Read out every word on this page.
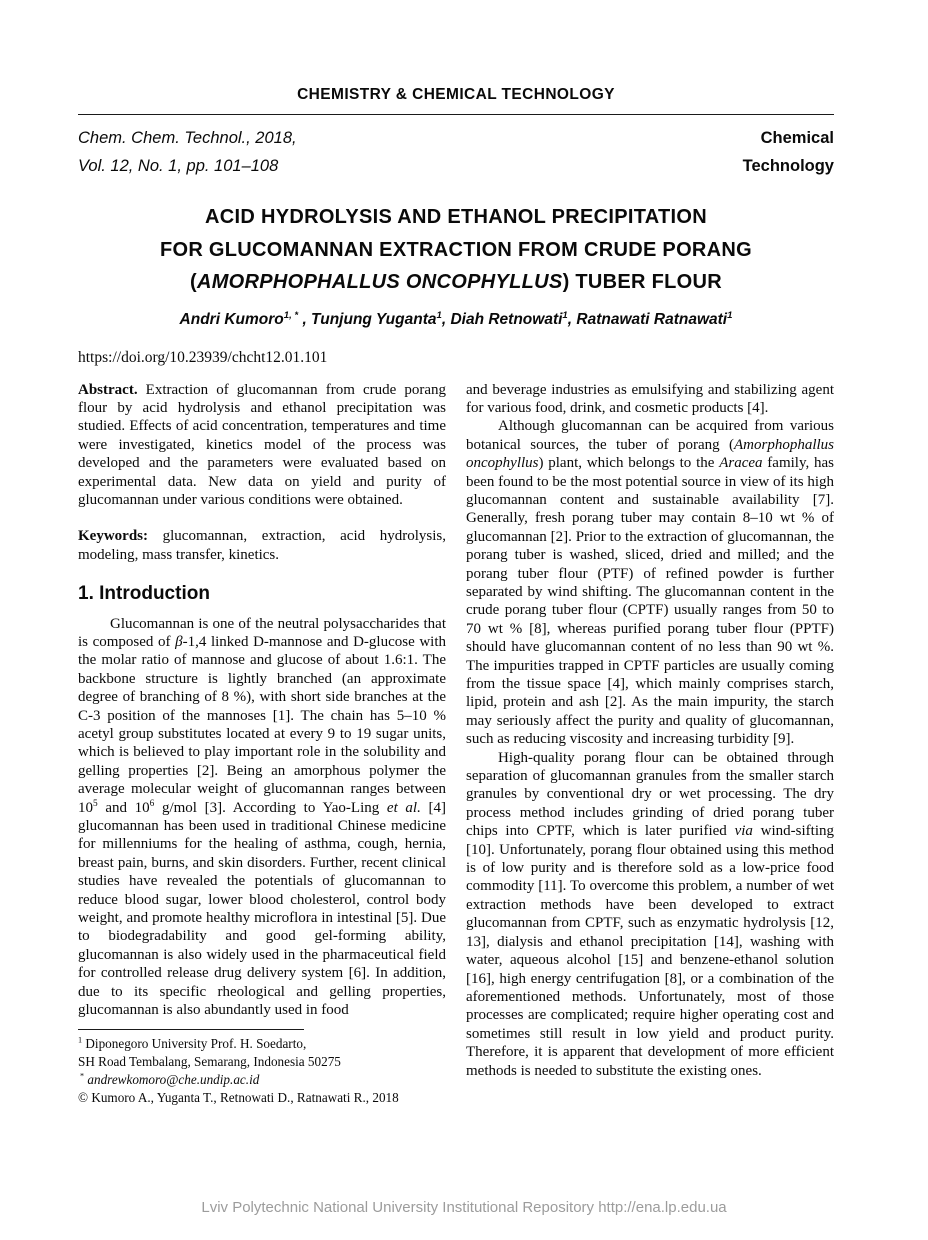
CHEMISTRY & CHEMICAL TECHNOLOGY
Chem. Chem. Technol., 2018,
Vol. 12, No. 1, pp. 101–108
Chemical
Technology
ACID HYDROLYSIS AND ETHANOL PRECIPITATION
FOR GLUCOMANNAN EXTRACTION FROM CRUDE PORANG
(AMORPHOPHALLUS ONCOPHYLLUS) TUBER FLOUR
Andri Kumoro$^{1, *}$ , Tunjung Yuganta$^1$, Diah Retnowati$^1$, Ratnawati Ratnawati$^1$
https://doi.org/10.23939/chcht12.01.101

Abstract. Extraction of glucomannan from crude porang flour by acid hydrolysis and ethanol precipitation was studied. Effects of acid concentration, temperatures and time were investigated, kinetics model of the process was developed and the parameters were evaluated based on experimental data. New data on yield and purity of glucomannan under various conditions were obtained.

Keywords: glucomannan, extraction, acid hydrolysis, modeling, mass transfer, kinetics.

1. Introduction

Glucomannan is one of the neutral polysaccharides that is composed of β-1,4 linked D-mannose and D-glucose with the molar ratio of mannose and glucose of about 1.6:1. The backbone structure is lightly branched (an approximate degree of branching of 8 %), with short side branches at the C-3 position of the mannoses [1]. The chain has 5–10 % acetyl group substitutes located at every 9 to 19 sugar units, which is believed to play important role in the solubility and gelling properties [2]. Being an amorphous polymer the average molecular weight of glucomannan ranges between $10^5$ and $10^6$ g/mol [3]. According to Yao-Ling et al. [4] glucomannan has been used in traditional Chinese medicine for millenniums for the healing of asthma, cough, hernia, breast pain, burns, and skin disorders. Further, recent clinical studies have revealed the potentials of glucomannan to reduce blood sugar, lower blood cholesterol, control body weight, and promote healthy microflora in intestinal [5]. Due to biodegradability and good gel-forming ability, glucomannan is also widely used in the pharmaceutical field for controlled release drug delivery system [6]. In addition, due to its specific rheological and gelling properties, glucomannan is also abundantly used in food

$^1$ Diponegoro University Prof. H. Soedarto,
SH Road Tembalang, Semarang, Indonesia 50275
* andrewkomoro@che.undip.ac.id
© Kumoro A., Yuganta T., Retnowati D., Ratnawati R., 2018

and beverage industries as emulsifying and stabilizing agent for various food, drink, and cosmetic products [4].

Although glucomannan can be acquired from various botanical sources, the tuber of porang (Amorphophallus oncophyllus) plant, which belongs to the Aracea family, has been found to be the most potential source in view of its high glucomannan content and sustainable availability [7]. Generally, fresh porang tuber may contain 8–10 wt % of glucomannan [2]. Prior to the extraction of glucomannan, the porang tuber is washed, sliced, dried and milled; and the porang tuber flour (PTF) of refined powder is further separated by wind shifting. The glucomannan content in the crude porang tuber flour (CPTF) usually ranges from 50 to 70 wt % [8], whereas purified porang tuber flour (PPTF) should have glucomannan content of no less than 90 wt %. The impurities trapped in CPTF particles are usually coming from the tissue space [4], which mainly comprises starch, lipid, protein and ash [2]. As the main impurity, the starch may seriously affect the purity and quality of glucomannan, such as reducing viscosity and increasing turbidity [9].

High-quality porang flour can be obtained through separation of glucomannan granules from the smaller starch granules by conventional dry or wet processing. The dry process method includes grinding of dried porang tuber chips into CPTF, which is later purified via wind-sifting [10]. Unfortunately, porang flour obtained using this method is of low purity and is therefore sold as a low-price food commodity [11]. To overcome this problem, a number of wet extraction methods have been developed to extract glucomannan from CPTF, such as enzymatic hydrolysis [12, 13], dialysis and ethanol precipitation [14], washing with water, aqueous alcohol [15] and benzene-ethanol solution [16], high energy centrifugation [8], or a combination of the aforementioned methods. Unfortunately, most of those processes are complicated; require higher operating cost and sometimes still result in low yield and product purity. Therefore, it is apparent that development of more efficient methods is needed to substitute the existing ones.

Lviv Polytechnic National University Institutional Repository http://ena.lp.edu.ua
